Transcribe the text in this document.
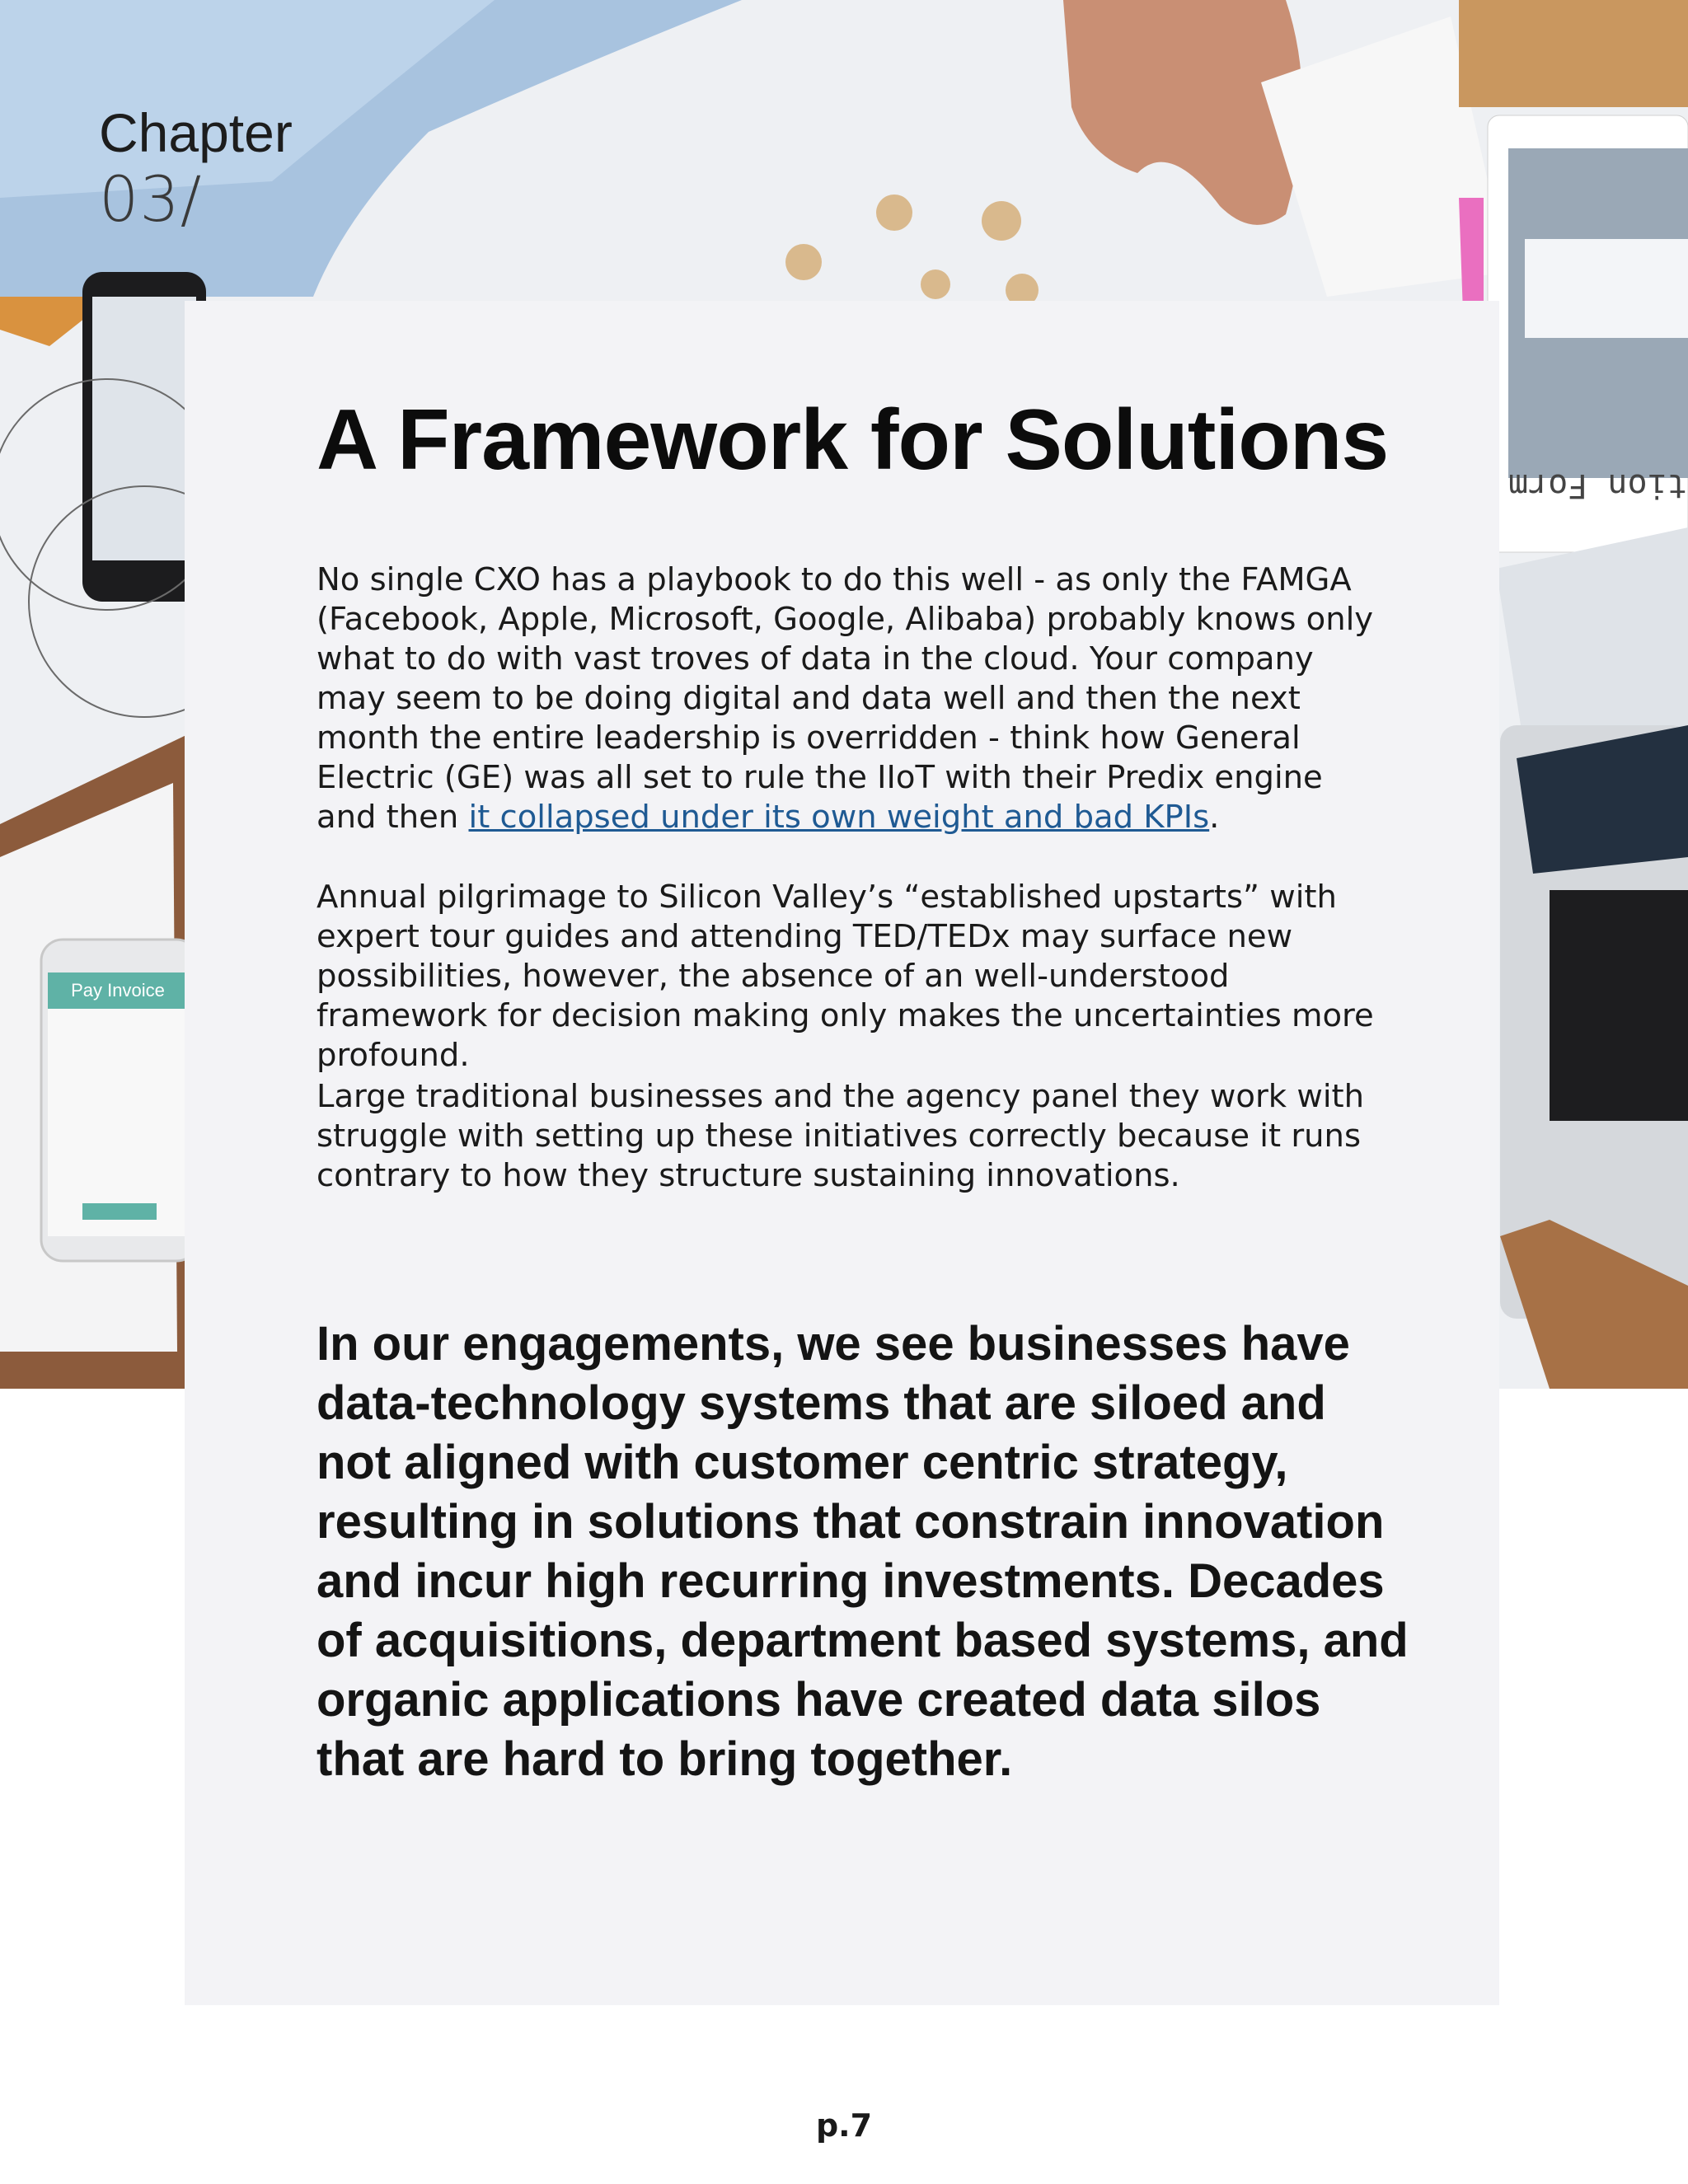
Chapter
03/
Pay Invoice
tion Form
A Framework for Solutions

No single CXO has a playbook to do this well - as only the FAMGA (Facebook, Apple, Microsoft, Google, Alibaba) probably knows only what to do with vast troves of data in the cloud. Your company may seem to be doing digital and data well and then the next month the entire leadership is overridden - think how General Electric (GE) was all set to rule the IIoT with their Predix engine and then it collapsed under its own weight and bad KPIs.

Annual pilgrimage to Silicon Valley’s “established upstarts” with expert tour guides and attending TED/TEDx may surface new possibilities, however, the absence of an well-understood framework for decision making only makes the uncertainties more profound.

Large traditional businesses and the agency panel they work with struggle with setting up these initiatives correctly because it runs contrary to how they structure sustaining innovations.

In our engagements, we see businesses have data-technology systems that are siloed and not aligned with customer centric strategy, resulting in solutions that constrain innovation and incur high recurring investments. Decades of acquisitions, department based systems, and organic applications have created data silos that are hard to bring together.

p.7
